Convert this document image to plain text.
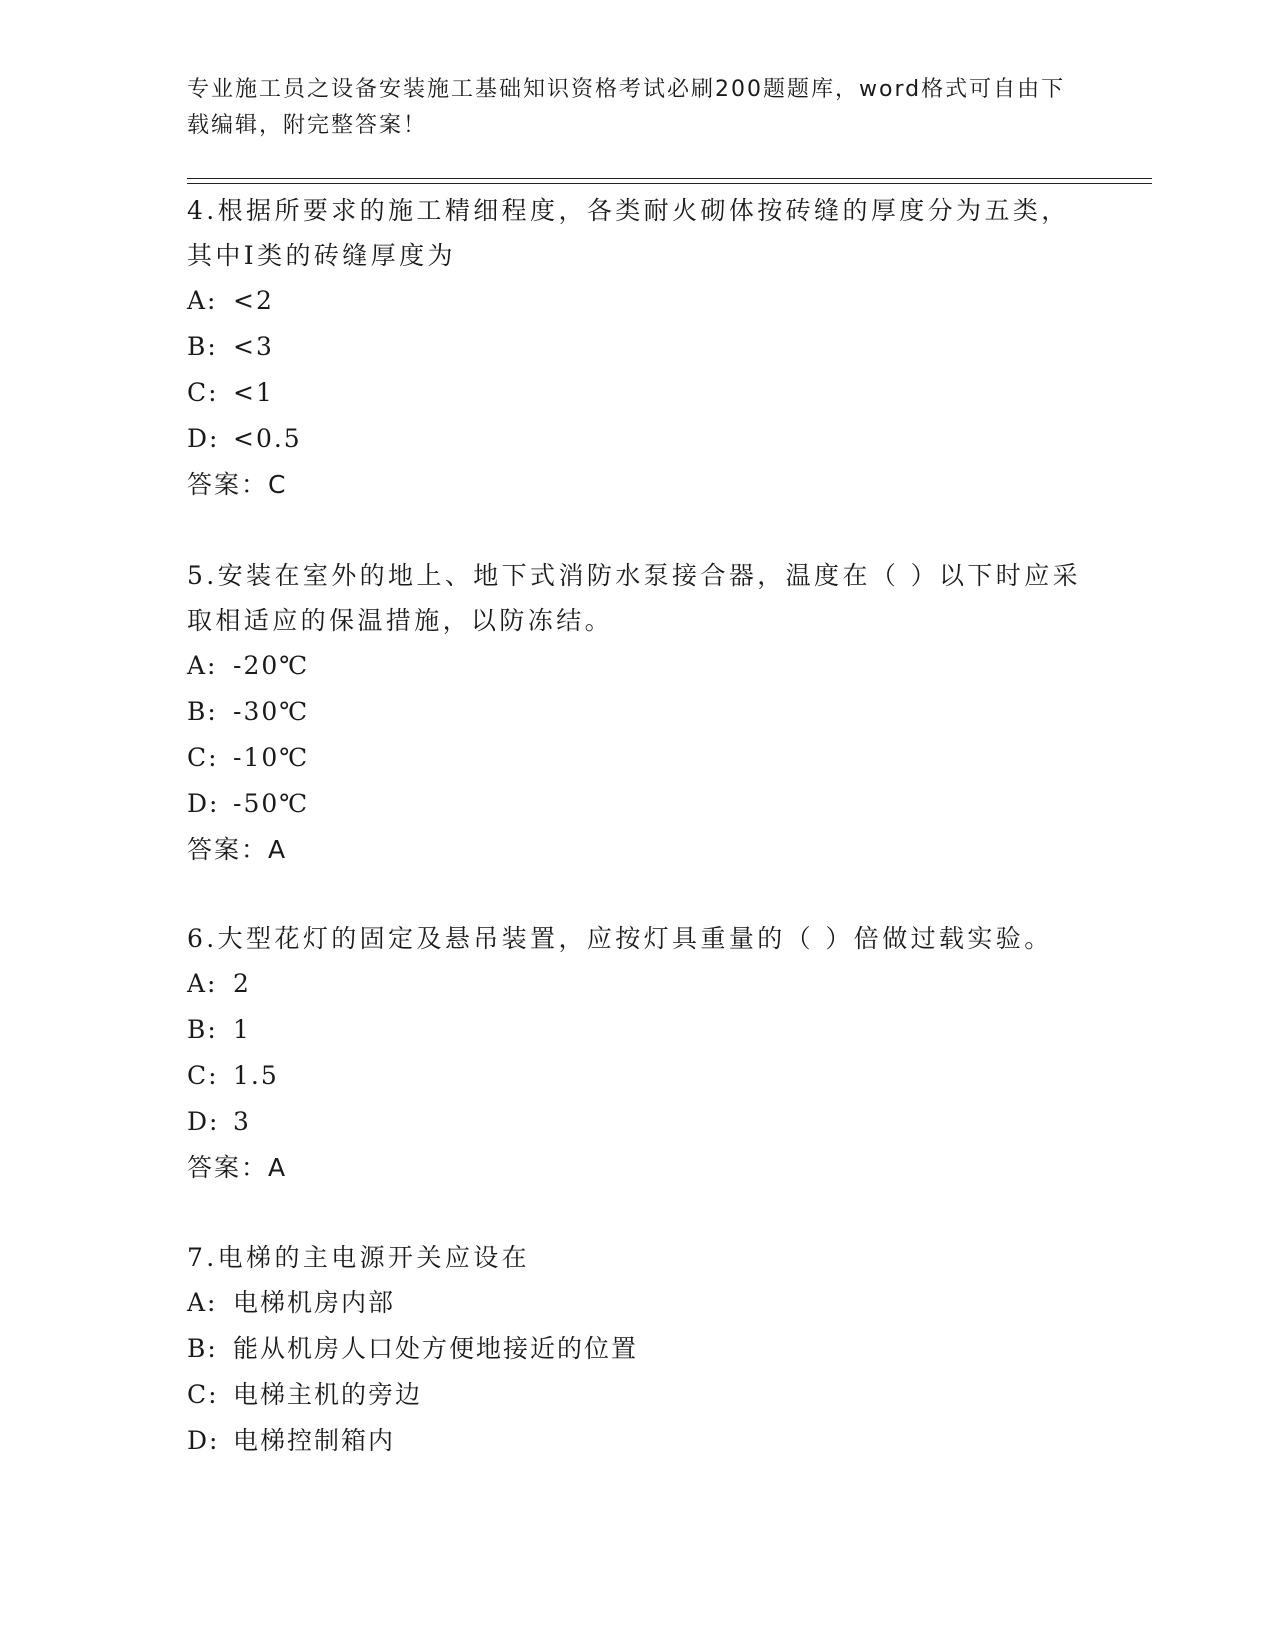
专业施工员之设备安装施工基础知识资格考试必刷200题题库，word格式可自由下载编辑，附完整答案！

4.根据所要求的施工精细程度，各类耐火砌体按砖缝的厚度分为五类，其中Ⅰ类的砖缝厚度为

A: <2

B: <3

C: <1

D: <0.5

答案：C

5.安装在室外的地上、地下式消防水泵接合器，温度在（ ）以下时应采取相适应的保温措施，以防冻结。

A: -20℃

B: -30℃

C: -10℃

D: -50℃

答案：A

6.大型花灯的固定及悬吊装置，应按灯具重量的（ ）倍做过载实验。

A: 2

B: 1

C: 1.5

D: 3

答案：A

7.电梯的主电源开关应设在

A: 电梯机房内部

B: 能从机房人口处方便地接近的位置

C: 电梯主机的旁边

D: 电梯控制箱内
